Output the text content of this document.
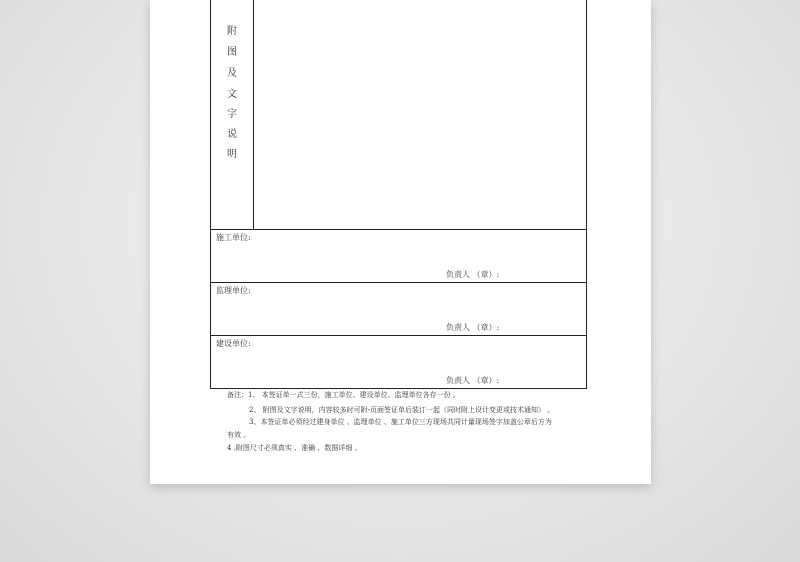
附
图
及
文
字
说
明
施工单位:
负责人 （章）:
监理单位:
负责人 （章）:
建设单位:
负责人 （章）:
备注：1、 本签证单一式三份，施工单位、建设单位、监理单位各存一份 。
2、 附图及文字说明，内容较多时可附-页面签证单后装订一起（同时附上设计变更或技术通知） 。
3、本签证单必须经过建身单位 、监理单位 、施工单位三方现场共同计量现场签字加盖公章后方为
有效 。
4 .附图尺寸必须真实 、准确 、数据详细 。
